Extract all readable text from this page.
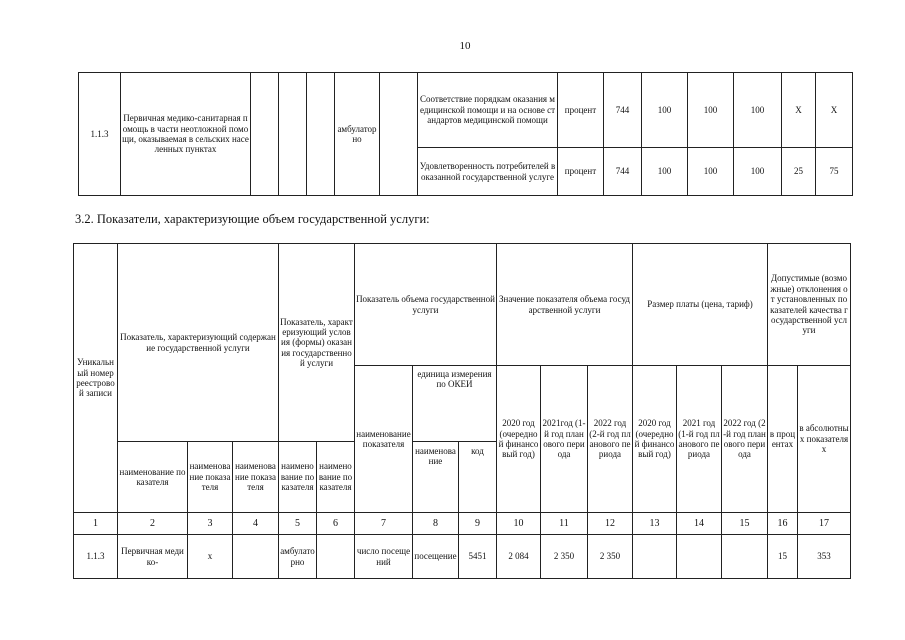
10
1.1.3	Первичная медико-санитарная помощь в части неотложной помощи, оказываемая в сельских населенных пунктах				амбулаторно		Соответствие порядкам оказания медицинской помощи и на основе стандартов медицинской помощи	процент	744	100	100	100	X	X
							Удовлетворенность потребителей в оказанной государственной услуге	процент	744	100	100	100	25	75
3.2. Показатели, характеризующие объем государственной услуги:
Уникальный номер реестровой записи	Показатель, характеризующий содержание государственной услуги			Показатель, характеризующий условия (формы) оказания государственной услуги		Показатель объема государственной услуги			Значение показателя объема государственной услуги			Размер платы (цена, тариф)			Допустимые (возможные) отклонения от установленных показателей качества государственной услуги	
						наименование показателя	единица измерения по ОКЕИ		2020 год (очередной финансовый год)	2021год (1-й год планового периода	2022 год (2-й год планового периода	2020 год (очередной финансовый год)	2021 год (1-й год планового периода	2022 год (2-й год планового периода	в процентах	в абсолютных показателях
	наименование показателя	наименование показателя	наименование показателя	наименование показателя	наименование показателя		наименование	код								
1	2	3	4	5	6	7	8	9	10	11	12	13	14	15	16	17
1.1.3	Первичная медико-	х		амбулаторно		число посещений	посещение	5451	2 084	2 350	2 350				15	353
